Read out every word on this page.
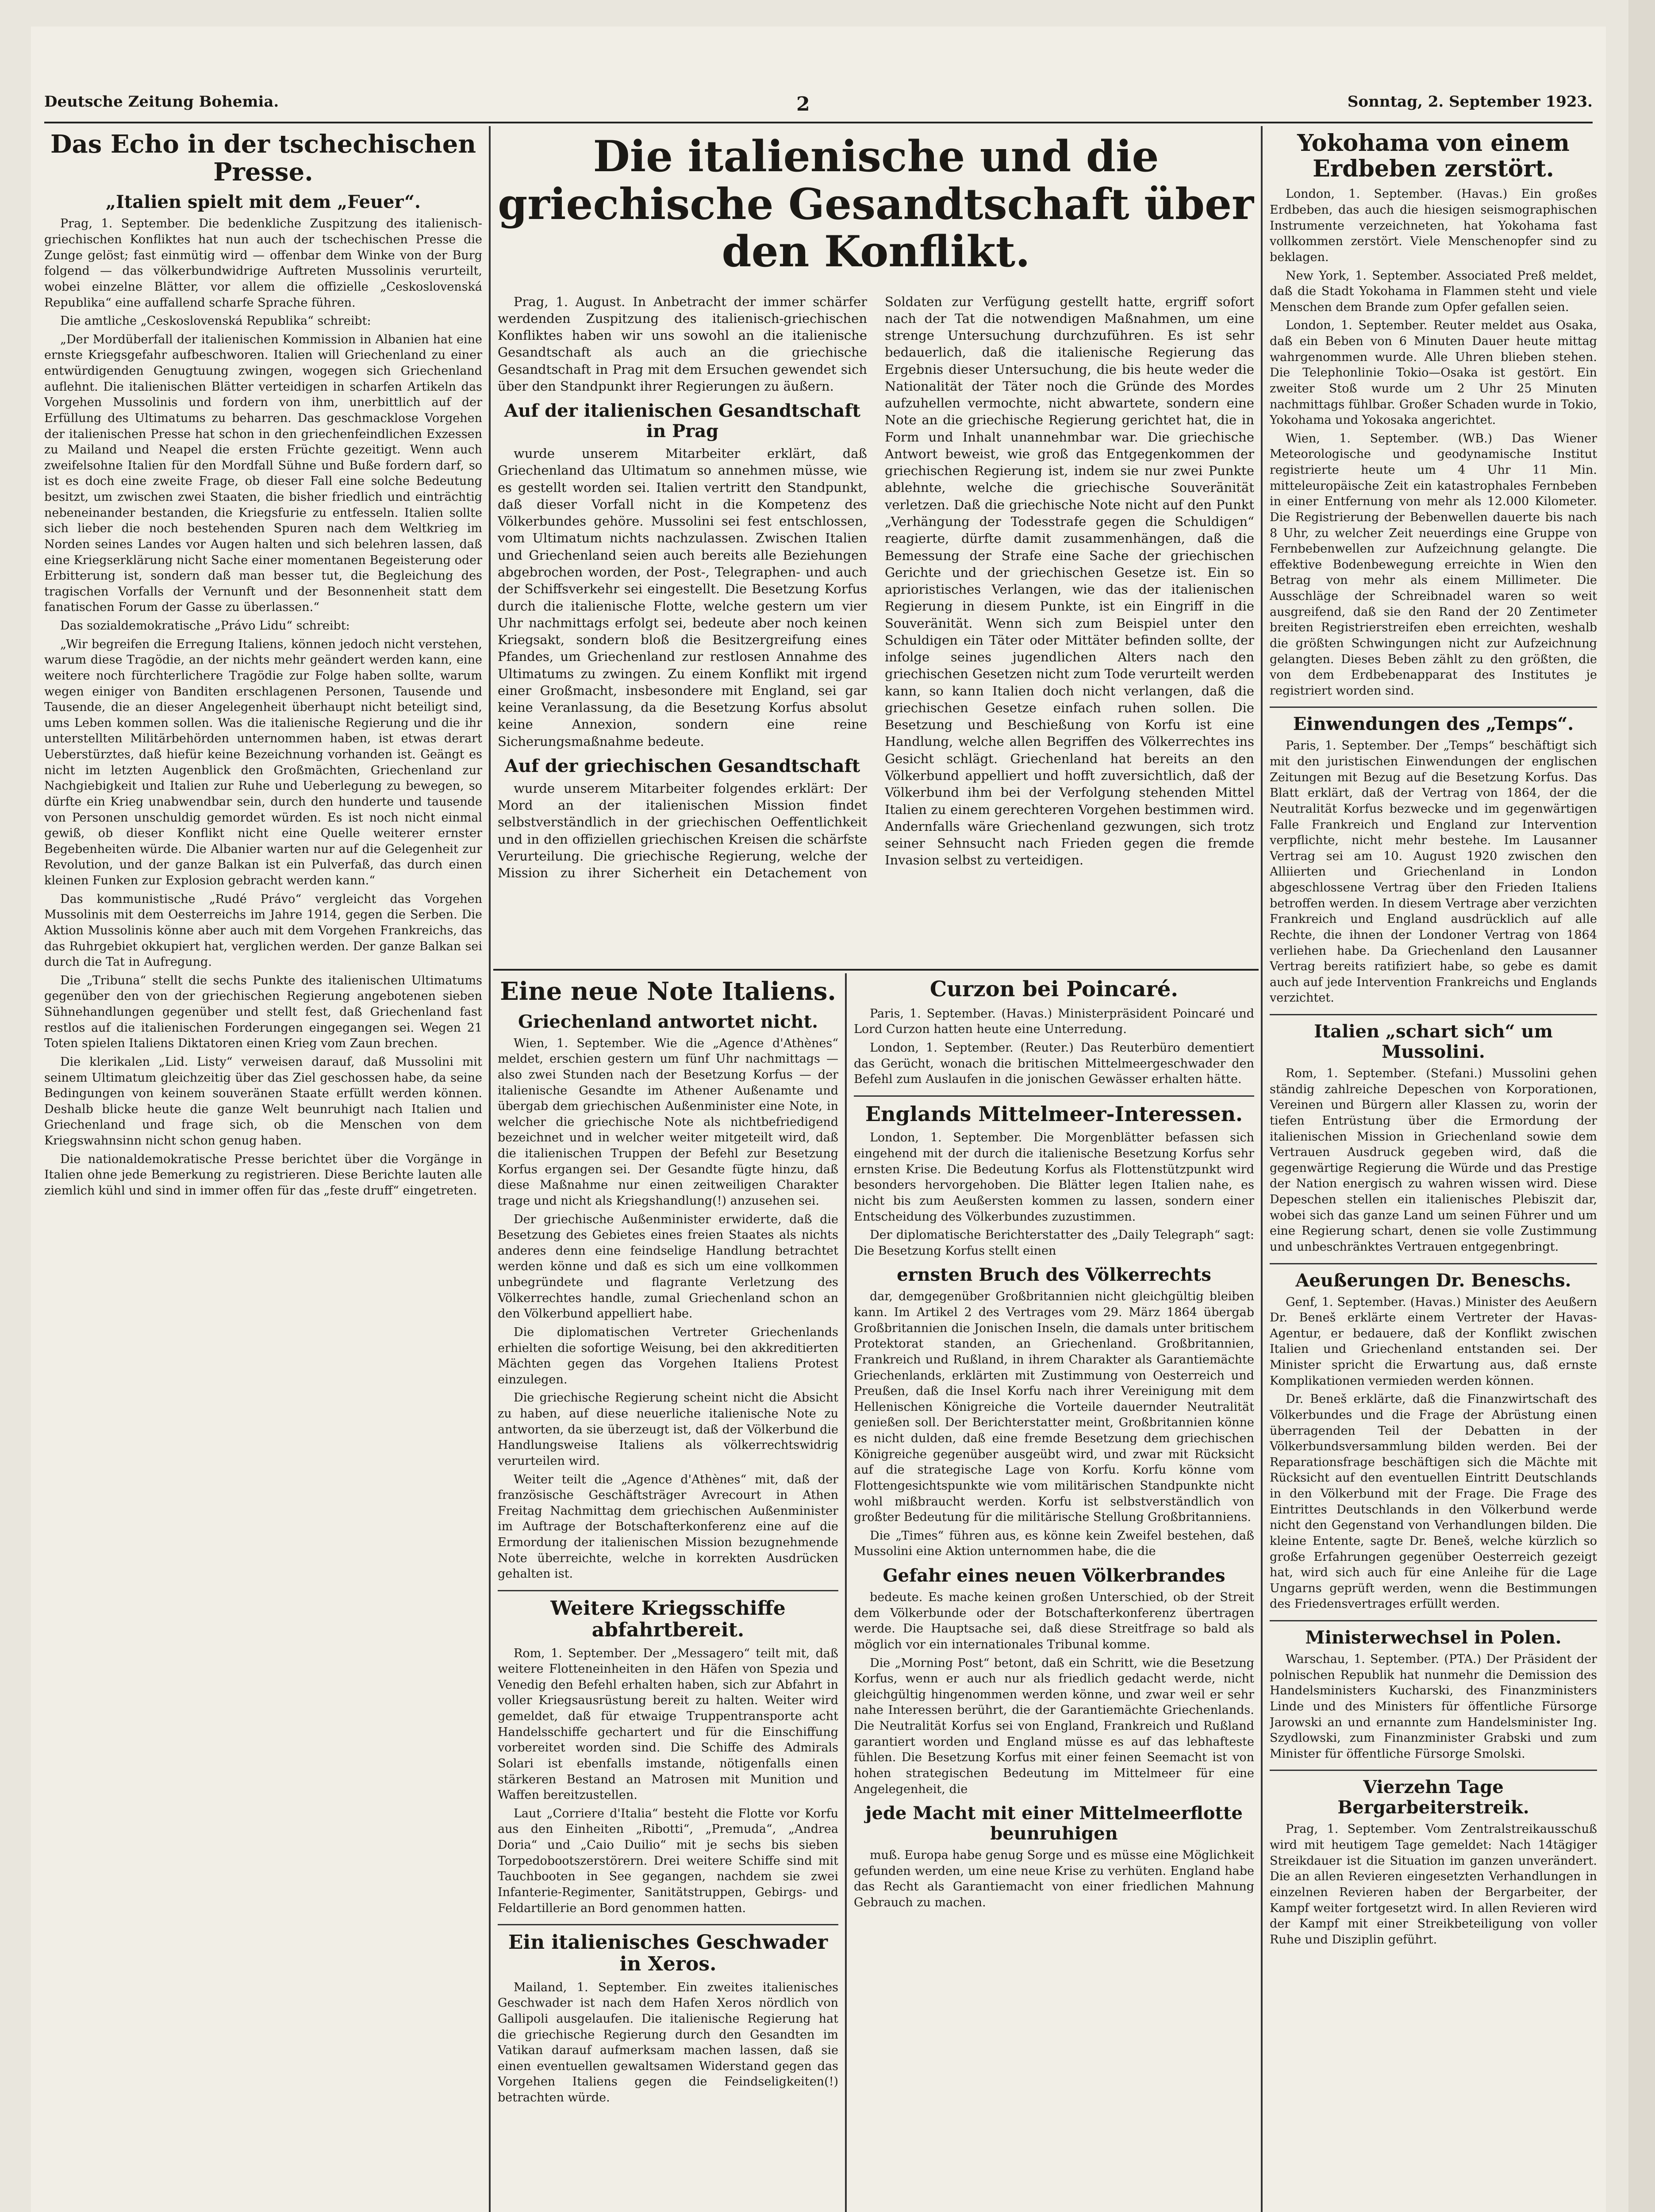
Deutsche Zeitung Bohemia.	2	Sonntag, 2. September 1923.
Das Echo in der tschechischen Presse.
„Italien spielt mit dem „Feuer“.

Prag, 1. September. Die bedenkliche Zuspitzung des italienisch-griechischen Konfliktes hat nun auch der tschechischen Presse die Zunge gelöst; fast einmütig wird — offenbar dem Winke von der Burg folgend — das völkerbundwidrige Auftreten Mussolinis verurteilt, wobei einzelne Blätter, vor allem die offizielle „Ceskoslovenská Republika“ eine auffallend scharfe Sprache führen.

Die amtliche „Ceskoslovenská Republika“ schreibt:

„Der Mordüberfall der italienischen Kommission in Albanien hat eine ernste Kriegsgefahr aufbeschworen. Italien will Griechenland zu einer entwürdigenden Genugtuung zwingen, wogegen sich Griechenland auflehnt. Die italienischen Blätter verteidigen in scharfen Artikeln das Vorgehen Mussolinis und fordern von ihm, unerbittlich auf der Erfüllung des Ultimatums zu beharren. Das geschmacklose Vorgehen der italienischen Presse hat schon in den griechenfeindlichen Exzessen zu Mailand und Neapel die ersten Früchte gezeitigt. Wenn auch zweifelsohne Italien für den Mordfall Sühne und Buße fordern darf, so ist es doch eine zweite Frage, ob dieser Fall eine solche Bedeutung besitzt, um zwischen zwei Staaten, die bisher friedlich und einträchtig nebeneinander bestanden, die Kriegsfurie zu entfesseln. Italien sollte sich lieber die noch bestehenden Spuren nach dem Weltkrieg im Norden seines Landes vor Augen halten und sich belehren lassen, daß eine Kriegserklärung nicht Sache einer momentanen Begeisterung oder Erbitterung ist, sondern daß man besser tut, die Begleichung des tragischen Vorfalls der Vernunft und der Besonnenheit statt dem fanatischen Forum der Gasse zu überlassen.“

Das sozialdemokratische „Právo Lidu“ schreibt:

„Wir begreifen die Erregung Italiens, können jedoch nicht verstehen, warum diese Tragödie, an der nichts mehr geändert werden kann, eine weitere noch fürchterlichere Tragödie zur Folge haben sollte, warum wegen einiger von Banditen erschlagenen Personen, Tausende und Tausende, die an dieser Angelegenheit überhaupt nicht beteiligt sind, ums Leben kommen sollen. Was die italienische Regierung und die ihr unterstellten Militärbehörden unternommen haben, ist etwas derart Ueberstürztes, daß hiefür keine Bezeichnung vorhanden ist. Geängt es nicht im letzten Augenblick den Großmächten, Griechenland zur Nachgiebigkeit und Italien zur Ruhe und Ueberlegung zu bewegen, so dürfte ein Krieg unabwendbar sein, durch den hunderte und tausende von Personen unschuldig gemordet würden. Es ist noch nicht einmal gewiß, ob dieser Konflikt nicht eine Quelle weiterer ernster Begebenheiten würde. Die Albanier warten nur auf die Gelegenheit zur Revolution, und der ganze Balkan ist ein Pulverfaß, das durch einen kleinen Funken zur Explosion gebracht werden kann.“

Das kommunistische „Rudé Právo“ vergleicht das Vorgehen Mussolinis mit dem Oesterreichs im Jahre 1914, gegen die Serben. Die Aktion Mussolinis könne aber auch mit dem Vorgehen Frankreichs, das das Ruhrgebiet okkupiert hat, verglichen werden. Der ganze Balkan sei durch die Tat in Aufregung.

Die „Tribuna“ stellt die sechs Punkte des italienischen Ultimatums gegenüber den von der griechischen Regierung angebotenen sieben Sühnehandlungen gegenüber und stellt fest, daß Griechenland fast restlos auf die italienischen Forderungen eingegangen sei. Wegen 21 Toten spielen Italiens Diktatoren einen Krieg vom Zaun brechen.

Die klerikalen „Lid. Listy“ verweisen darauf, daß Mussolini mit seinem Ultimatum gleichzeitig über das Ziel geschossen habe, da seine Bedingungen von keinem souveränen Staate erfüllt werden können. Deshalb blicke heute die ganze Welt beunruhigt nach Italien und Griechenland und frage sich, ob die Menschen von dem Kriegswahnsinn nicht schon genug haben.

Die nationaldemokratische Presse berichtet über die Vorgänge in Italien ohne jede Bemerkung zu registrieren. Diese Berichte lauten alle ziemlich kühl und sind in immer offen für das „feste druff“ eingetreten.

Die italienische und die griechische Gesandtschaft über den Konflikt.

Prag, 1. August. In Anbetracht der immer schärfer werdenden Zuspitzung des italienisch-griechischen Konfliktes haben wir uns sowohl an die italienische Gesandtschaft als auch an die griechische Gesandtschaft in Prag mit dem Ersuchen gewendet sich über den Standpunkt ihrer Regierungen zu äußern.

Auf der italienischen Gesandtschaft in Prag

wurde unserem Mitarbeiter erklärt, daß Griechenland das Ultimatum so annehmen müsse, wie es gestellt worden sei. Italien vertritt den Standpunkt, daß dieser Vorfall nicht in die Kompetenz des Völkerbundes gehöre. Mussolini sei fest entschlossen, vom Ultimatum nichts nachzulassen. Zwischen Italien und Griechenland seien auch bereits alle Beziehungen abgebrochen worden, der Post-, Telegraphen- und auch der Schiffsverkehr sei eingestellt. Die Besetzung Korfus durch die italienische Flotte, welche gestern um vier Uhr nachmittags erfolgt sei, bedeute aber noch keinen Kriegsakt, sondern bloß die Besitzergreifung eines Pfandes, um Griechenland zur restlosen Annahme des Ultimatums zu zwingen. Zu einem Konflikt mit irgend einer Großmacht, insbesondere mit England, sei gar keine Veranlassung, da die Besetzung Korfus absolut keine Annexion, sondern eine reine Sicherungsmaßnahme bedeute.

Auf der griechischen Gesandtschaft

wurde unserem Mitarbeiter folgendes erklärt: Der Mord an der italienischen Mission findet selbstverständlich in der griechischen Oeffentlichkeit und in den offiziellen griechischen Kreisen die schärfste Verurteilung. Die griechische Regierung, welche der Mission zu ihrer Sicherheit ein Detachement von Soldaten zur Verfügung gestellt hatte, ergriff sofort nach der Tat die notwendigen Maßnahmen, um eine strenge Untersuchung durchzuführen. Es ist sehr bedauerlich, daß die italienische Regierung das Ergebnis dieser Untersuchung, die bis heute weder die Nationalität der Täter noch die Gründe des Mordes aufzuhellen vermochte, nicht abwartete, sondern eine Note an die griechische Regierung gerichtet hat, die in Form und Inhalt unannehmbar war. Die griechische Antwort beweist, wie groß das Entgegenkommen der griechischen Regierung ist, indem sie nur zwei Punkte ablehnte, welche die griechische Souveränität verletzen. Daß die griechische Note nicht auf den Punkt „Verhängung der Todesstrafe gegen die Schuldigen“ reagierte, dürfte damit zusammenhängen, daß die Bemessung der Strafe eine Sache der griechischen Gerichte und der griechischen Gesetze ist. Ein so aprioristisches Verlangen, wie das der italienischen Regierung in diesem Punkte, ist ein Eingriff in die Souveränität. Wenn sich zum Beispiel unter den Schuldigen ein Täter oder Mittäter befinden sollte, der infolge seines jugendlichen Alters nach den griechischen Gesetzen nicht zum Tode verurteilt werden kann, so kann Italien doch nicht verlangen, daß die griechischen Gesetze einfach ruhen sollen. Die Besetzung und Beschießung von Korfu ist eine Handlung, welche allen Begriffen des Völkerrechtes ins Gesicht schlägt. Griechenland hat bereits an den Völkerbund appelliert und hofft zuversichtlich, daß der Völkerbund ihm bei der Verfolgung stehenden Mittel Italien zu einem gerechteren Vorgehen bestimmen wird. Andernfalls wäre Griechenland gezwungen, sich trotz seiner Sehnsucht nach Frieden gegen die fremde Invasion selbst zu verteidigen.

Eine neue Note Italiens.
Griechenland antwortet nicht.

Wien, 1. September. Wie die „Agence d'Athènes“ meldet, erschien gestern um fünf Uhr nachmittags — also zwei Stunden nach der Besetzung Korfus — der italienische Gesandte im Athener Außenamte und übergab dem griechischen Außenminister eine Note, in welcher die griechische Note als nichtbefriedigend bezeichnet und in welcher weiter mitgeteilt wird, daß die italienischen Truppen der Befehl zur Besetzung Korfus ergangen sei. Der Gesandte fügte hinzu, daß diese Maßnahme nur einen zeitweiligen Charakter trage und nicht als Kriegshandlung(!) anzusehen sei.

Der griechische Außenminister erwiderte, daß die Besetzung des Gebietes eines freien Staates als nichts anderes denn eine feindselige Handlung betrachtet werden könne und daß es sich um eine vollkommen unbegründete und flagrante Verletzung des Völkerrechtes handle, zumal Griechenland schon an den Völkerbund appelliert habe.

Die diplomatischen Vertreter Griechenlands erhielten die sofortige Weisung, bei den akkreditierten Mächten gegen das Vorgehen Italiens Protest einzulegen.

Die griechische Regierung scheint nicht die Absicht zu haben, auf diese neuerliche italienische Note zu antworten, da sie überzeugt ist, daß der Völkerbund die Handlungsweise Italiens als völkerrechtswidrig verurteilen wird.

Weiter teilt die „Agence d'Athènes“ mit, daß der französische Geschäftsträger Avrecourt in Athen Freitag Nachmittag dem griechischen Außenminister im Auftrage der Botschafterkonferenz eine auf die Ermordung der italienischen Mission bezugnehmende Note überreichte, welche in korrekten Ausdrücken gehalten ist.

Weitere Kriegsschiffe abfahrtbereit.

Rom, 1. September. Der „Messagero“ teilt mit, daß weitere Flotteneinheiten in den Häfen von Spezia und Venedig den Befehl erhalten haben, sich zur Abfahrt in voller Kriegsausrüstung bereit zu halten. Weiter wird gemeldet, daß für etwaige Truppentransporte acht Handelsschiffe gechartert und für die Einschiffung vorbereitet worden sind. Die Schiffe des Admirals Solari ist ebenfalls imstande, nötigenfalls einen stärkeren Bestand an Matrosen mit Munition und Waffen bereitzustellen.

Laut „Corriere d'Italia“ besteht die Flotte vor Korfu aus den Einheiten „Ribotti“, „Premuda“, „Andrea Doria“ und „Caio Duilio“ mit je sechs bis sieben Torpedobootszerstörern. Drei weitere Schiffe sind mit Tauchbooten in See gegangen, nachdem sie zwei Infanterie-Regimenter, Sanitätstruppen, Gebirgs- und Feldartillerie an Bord genommen hatten.

Ein italienisches Geschwader in Xeros.

Mailand, 1. September. Ein zweites italienisches Geschwader ist nach dem Hafen Xeros nördlich von Gallipoli ausgelaufen. Die italienische Regierung hat die griechische Regierung durch den Gesandten im Vatikan darauf aufmerksam machen lassen, daß sie einen eventuellen gewaltsamen Widerstand gegen das Vorgehen Italiens gegen die Feindseligkeiten(!) betrachten würde.

Curzon bei Poincaré.

Paris, 1. September. (Havas.) Ministerpräsident Poincaré und Lord Curzon hatten heute eine Unterredung.

London, 1. September. (Reuter.) Das Reuterbüro dementiert das Gerücht, wonach die britischen Mittelmeergeschwader den Befehl zum Auslaufen in die jonischen Gewässer erhalten hätte.

Englands Mittelmeer-Interessen.

London, 1. September. Die Morgenblätter befassen sich eingehend mit der durch die italienische Besetzung Korfus sehr ernsten Krise. Die Bedeutung Korfus als Flottenstützpunkt wird besonders hervorgehoben. Die Blätter legen Italien nahe, es nicht bis zum Aeußersten kommen zu lassen, sondern einer Entscheidung des Völkerbundes zuzustimmen.

Der diplomatische Berichterstatter des „Daily Telegraph“ sagt: Die Besetzung Korfus stellt einen

ernsten Bruch des Völkerrechts

dar, demgegenüber Großbritannien nicht gleichgültig bleiben kann. Im Artikel 2 des Vertrages vom 29. März 1864 übergab Großbritannien die Jonischen Inseln, die damals unter britischem Protektorat standen, an Griechenland. Großbritannien, Frankreich und Rußland, in ihrem Charakter als Garantiemächte Griechenlands, erklärten mit Zustimmung von Oesterreich und Preußen, daß die Insel Korfu nach ihrer Vereinigung mit dem Hellenischen Königreiche die Vorteile dauernder Neutralität genießen soll. Der Berichterstatter meint, Großbritannien könne es nicht dulden, daß eine fremde Besetzung dem griechischen Königreiche gegenüber ausgeübt wird, und zwar mit Rücksicht auf die strategische Lage von Korfu. Korfu könne vom Flottengesichtspunkte wie vom militärischen Standpunkte nicht wohl mißbraucht werden. Korfu ist selbstverständlich von großter Bedeutung für die militärische Stellung Großbritanniens.

Die „Times“ führen aus, es könne kein Zweifel bestehen, daß Mussolini eine Aktion unternommen habe, die die

Gefahr eines neuen Völkerbrandes

bedeute. Es mache keinen großen Unterschied, ob der Streit dem Völkerbunde oder der Botschafterkonferenz übertragen werde. Die Hauptsache sei, daß diese Streitfrage so bald als möglich vor ein internationales Tribunal komme.

Die „Morning Post“ betont, daß ein Schritt, wie die Besetzung Korfus, wenn er auch nur als friedlich gedacht werde, nicht gleichgültig hingenommen werden könne, und zwar weil er sehr nahe Interessen berührt, die der Garantiemächte Griechenlands. Die Neutralität Korfus sei von England, Frankreich und Rußland garantiert worden und England müsse es auf das lebhafteste fühlen. Die Besetzung Korfus mit einer feinen Seemacht ist von hohen strategischen Bedeutung im Mittelmeer für eine Angelegenheit, die

jede Macht mit einer Mittelmeerflotte beunruhigen

muß. Europa habe genug Sorge und es müsse eine Möglichkeit gefunden werden, um eine neue Krise zu verhüten. England habe das Recht als Garantiemacht von einer friedlichen Mahnung Gebrauch zu machen.

Yokohama von einem Erdbeben zerstört.

London, 1. September. (Havas.) Ein großes Erdbeben, das auch die hiesigen seismographischen Instrumente verzeichneten, hat Yokohama fast vollkommen zerstört. Viele Menschenopfer sind zu beklagen.

New York, 1. September. Associated Preß meldet, daß die Stadt Yokohama in Flammen steht und viele Menschen dem Brande zum Opfer gefallen seien.

London, 1. September. Reuter meldet aus Osaka, daß ein Beben von 6 Minuten Dauer heute mittag wahrgenommen wurde. Alle Uhren blieben stehen. Die Telephonlinie Tokio—Osaka ist gestört. Ein zweiter Stoß wurde um 2 Uhr 25 Minuten nachmittags fühlbar. Großer Schaden wurde in Tokio, Yokohama und Yokosaka angerichtet.

Wien, 1. September. (WB.) Das Wiener Meteorologische und geodynamische Institut registrierte heute um 4 Uhr 11 Min. mitteleuropäische Zeit ein katastrophales Fernbeben in einer Entfernung von mehr als 12.000 Kilometer. Die Registrierung der Bebenwellen dauerte bis nach 8 Uhr, zu welcher Zeit neuerdings eine Gruppe von Fernbebenwellen zur Aufzeichnung gelangte. Die effektive Bodenbewegung erreichte in Wien den Betrag von mehr als einem Millimeter. Die Ausschläge der Schreibnadel waren so weit ausgreifend, daß sie den Rand der 20 Zentimeter breiten Registrierstreifen eben erreichten, weshalb die größten Schwingungen nicht zur Aufzeichnung gelangten. Dieses Beben zählt zu den größten, die von dem Erdbebenapparat des Institutes je registriert worden sind.

Einwendungen des „Temps“.

Paris, 1. September. Der „Temps“ beschäftigt sich mit den juristischen Einwendungen der englischen Zeitungen mit Bezug auf die Besetzung Korfus. Das Blatt erklärt, daß der Vertrag von 1864, der die Neutralität Korfus bezwecke und im gegenwärtigen Falle Frankreich und England zur Intervention verpflichte, nicht mehr bestehe. Im Lausanner Vertrag sei am 10. August 1920 zwischen den Alliierten und Griechenland in London abgeschlossene Vertrag über den Frieden Italiens betroffen werden. In diesem Vertrage aber verzichten Frankreich und England ausdrücklich auf alle Rechte, die ihnen der Londoner Vertrag von 1864 verliehen habe. Da Griechenland den Lausanner Vertrag bereits ratifiziert habe, so gebe es damit auch auf jede Intervention Frankreichs und Englands verzichtet.

Italien „schart sich“ um Mussolini.

Rom, 1. September. (Stefani.) Mussolini gehen ständig zahlreiche Depeschen von Korporationen, Vereinen und Bürgern aller Klassen zu, worin der tiefen Entrüstung über die Ermordung der italienischen Mission in Griechenland sowie dem Vertrauen Ausdruck gegeben wird, daß die gegenwärtige Regierung die Würde und das Prestige der Nation energisch zu wahren wissen wird. Diese Depeschen stellen ein italienisches Plebiszit dar, wobei sich das ganze Land um seinen Führer und um eine Regierung schart, denen sie volle Zustimmung und unbeschränktes Vertrauen entgegenbringt.

Aeußerungen Dr. Beneschs.

Genf, 1. September. (Havas.) Minister des Aeußern Dr. Beneš erklärte einem Vertreter der Havas-Agentur, er bedauere, daß der Konflikt zwischen Italien und Griechenland entstanden sei. Der Minister spricht die Erwartung aus, daß ernste Komplikationen vermieden werden können.

Dr. Beneš erklärte, daß die Finanzwirtschaft des Völkerbundes und die Frage der Abrüstung einen überragenden Teil der Debatten in der Völkerbundsversammlung bilden werden. Bei der Reparationsfrage beschäftigen sich die Mächte mit Rücksicht auf den eventuellen Eintritt Deutschlands in den Völkerbund mit der Frage. Die Frage des Eintrittes Deutschlands in den Völkerbund werde nicht den Gegenstand von Verhandlungen bilden. Die kleine Entente, sagte Dr. Beneš, welche kürzlich so große Erfahrungen gegenüber Oesterreich gezeigt hat, wird sich auch für eine Anleihe für die Lage Ungarns geprüft werden, wenn die Bestimmungen des Friedensvertrages erfüllt werden.

Ministerwechsel in Polen.

Warschau, 1. September. (PTA.) Der Präsident der polnischen Republik hat nunmehr die Demission des Handelsministers Kucharski, des Finanzministers Linde und des Ministers für öffentliche Fürsorge Jarowski an und ernannte zum Handelsminister Ing. Szydlowski, zum Finanzminister Grabski und zum Minister für öffentliche Fürsorge Smolski.

Vierzehn Tage Bergarbeiterstreik.

Prag, 1. September. Vom Zentralstreikausschuß wird mit heutigem Tage gemeldet: Nach 14tägiger Streikdauer ist die Situation im ganzen unverändert. Die an allen Revieren eingesetzten Verhandlungen in einzelnen Revieren haben der Bergarbeiter, der Kampf weiter fortgesetzt wird. In allen Revieren wird der Kampf mit einer Streikbeteiligung von voller Ruhe und Disziplin geführt.
